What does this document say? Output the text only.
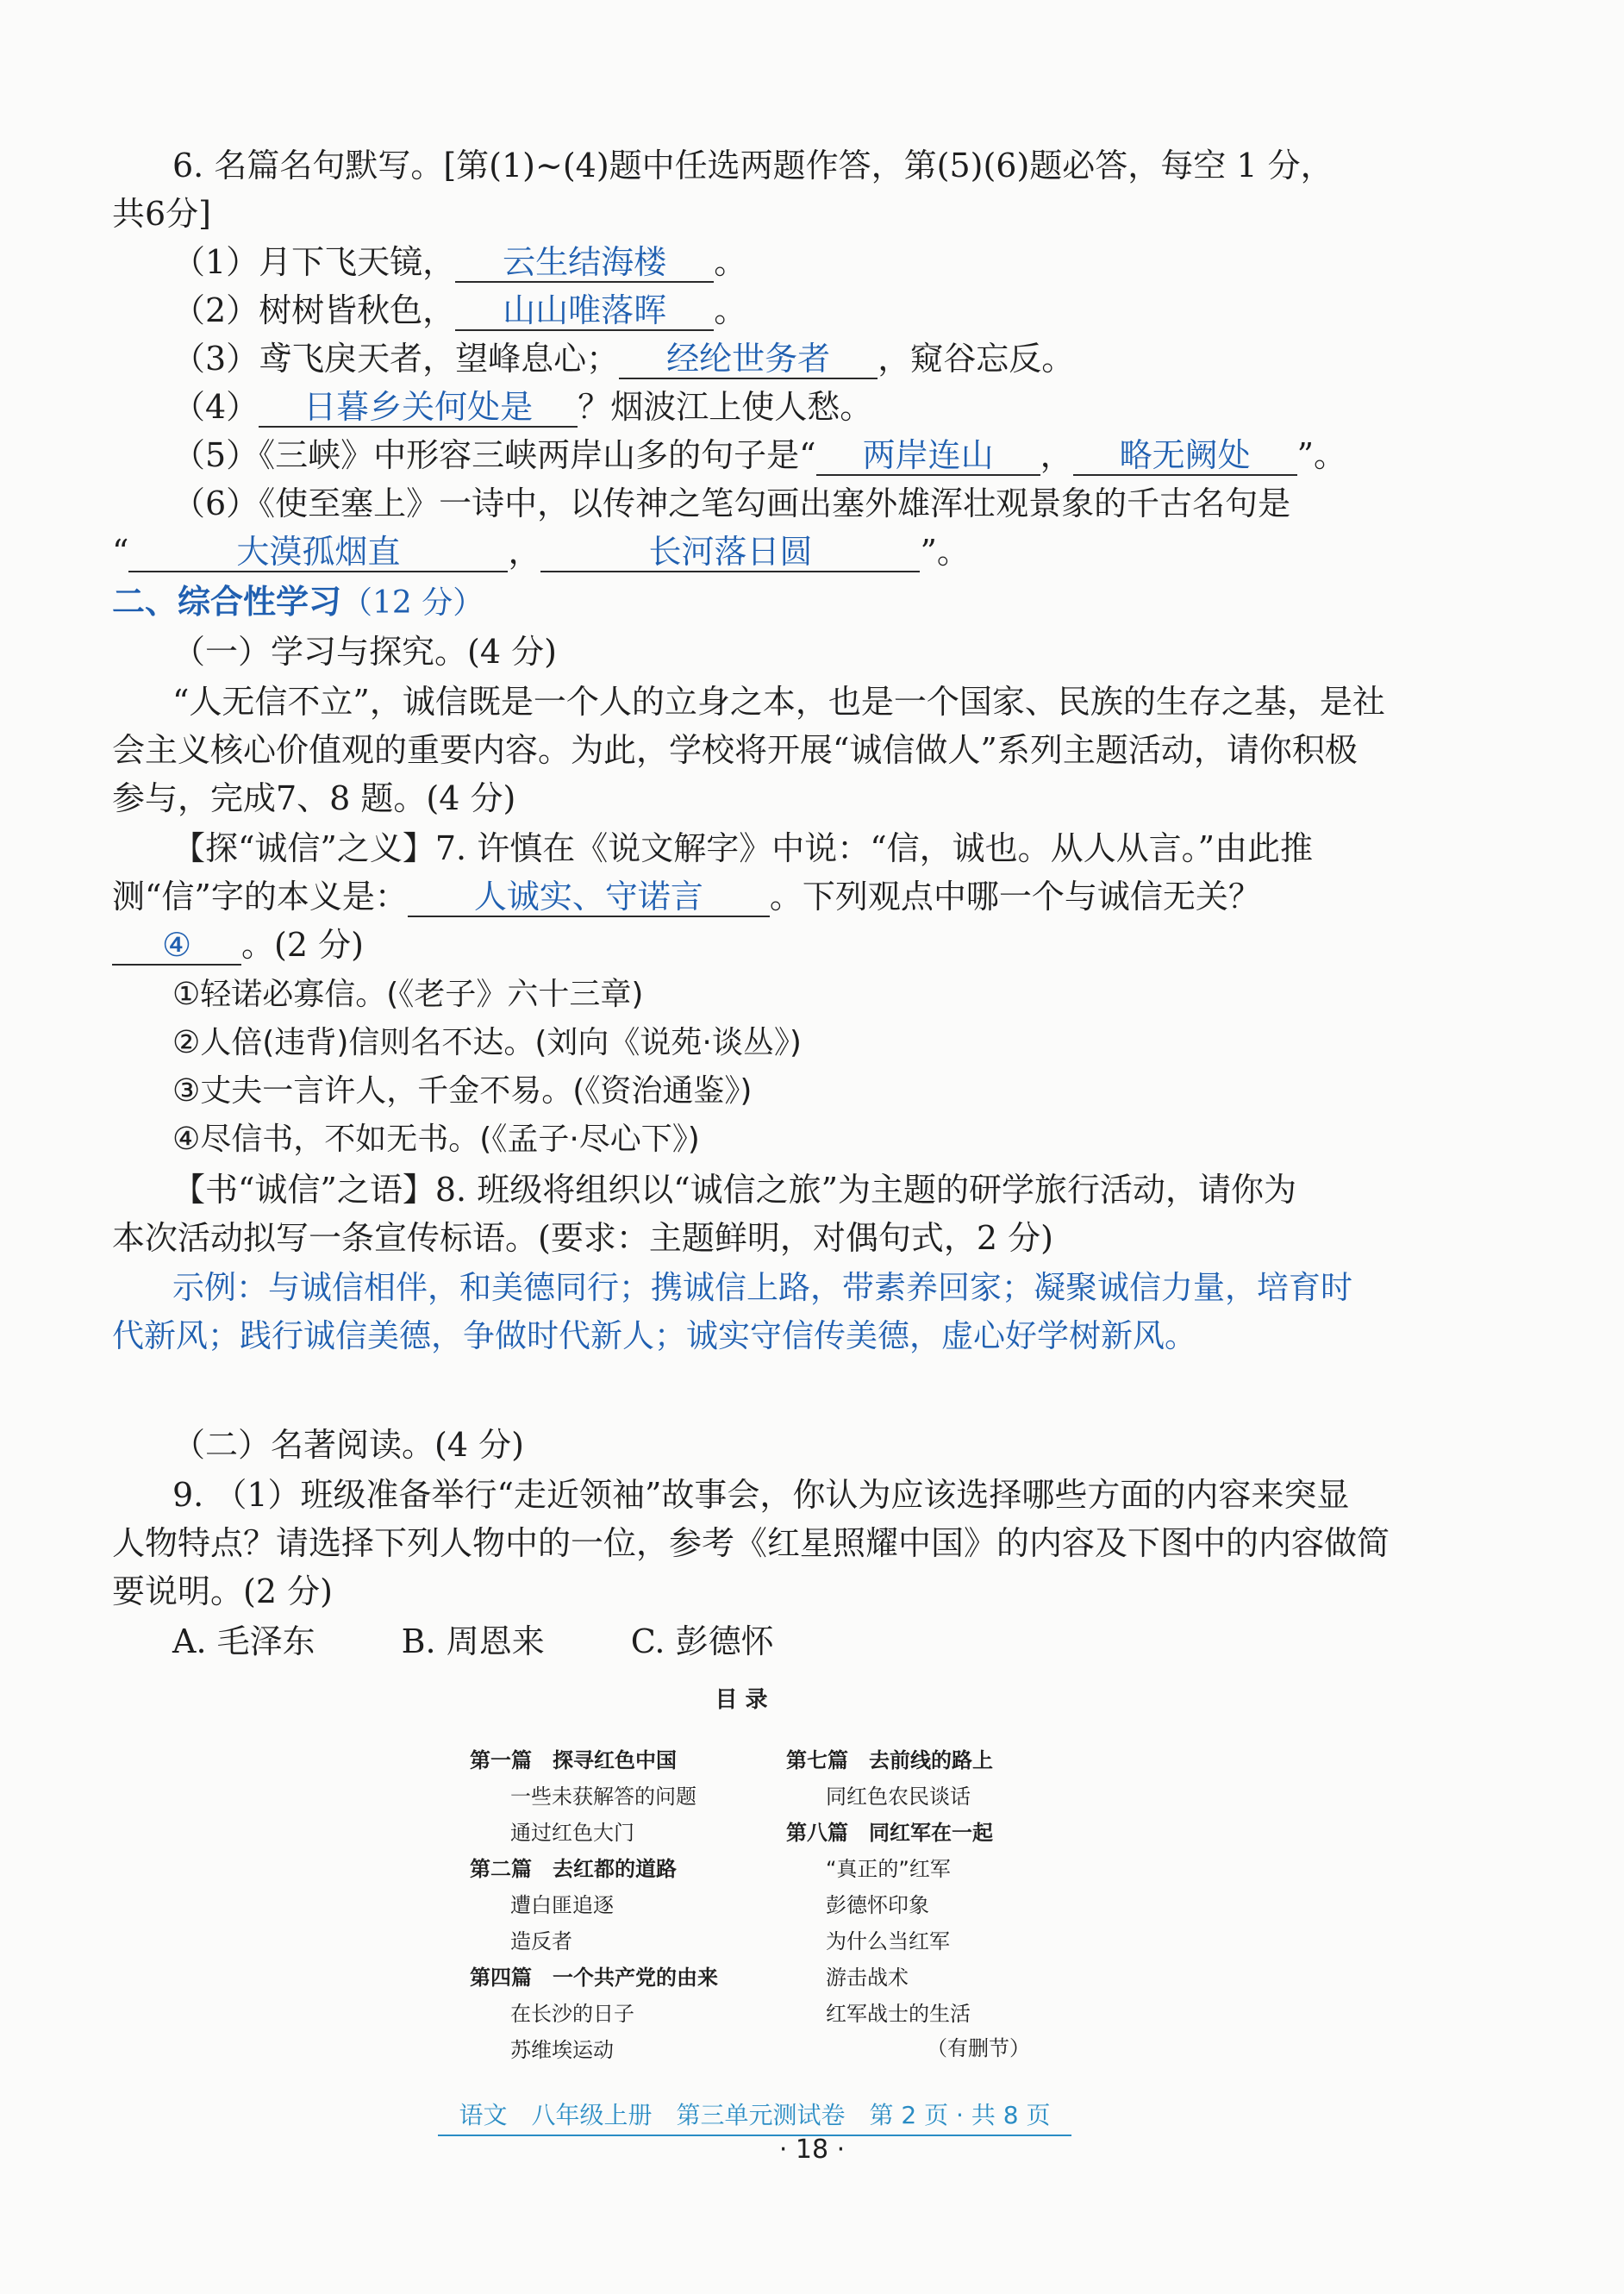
6. 名篇名句默写。[第(1)~(4)题中任选两题作答，第(5)(6)题必答，每空 1 分，
共6分]
（1）月下飞天镜， 云生结海楼 。
（2）树树皆秋色， 山山唯落晖 。
（3）鸢飞戾天者，望峰息心； 经纶世务者 ，窥谷忘反。
（4） 日暮乡关何处是 ？烟波江上使人愁。
（5）《三峡》中形容三峡两岸山多的句子是“ 两岸连山 ， 略无阙处 ”。
（6）《使至塞上》一诗中，以传神之笔勾画出塞外雄浑壮观景象的千古名句是
“	大漠孤烟直	，	长河落日圆	”。
二、综合性学习（12 分）
（一）学习与探究。(4 分)
“人无信不立”，诚信既是一个人的立身之本，也是一个国家、民族的生存之基，是社
会主义核心价值观的重要内容。为此，学校将开展“诚信做人”系列主题活动，请你积极
参与，完成7、8 题。(4 分)
【探“诚信”之义】7. 许慎在《说文解字》中说：“信，诚也。从人从言。”由此推
测“信”字的本义是： 人诚实、守诺言 。下列观点中哪一个与诚信无关？
④ 。(2 分)
①轻诺必寡信。(《老子》六十三章)
②人倍(违背)信则名不达。(刘向《说苑·谈丛》)
③丈夫一言许人，千金不易。(《资治通鉴》)
④尽信书，不如无书。(《孟子·尽心下》)
【书“诚信”之语】8. 班级将组织以“诚信之旅”为主题的研学旅行活动，请你为
本次活动拟写一条宣传标语。(要求：主题鲜明，对偶句式，2 分)
示例：与诚信相伴，和美德同行；携诚信上路，带素养回家；凝聚诚信力量，培育时
代新风；践行诚信美德，争做时代新人；诚实守信传美德，虚心好学树新风。
（二）名著阅读。(4 分)
9. （1）班级准备举行“走近领袖”故事会，你认为应该选择哪些方面的内容来突显
人物特点？请选择下列人物中的一位，参考《红星照耀中国》的内容及下图中的内容做简
要说明。(2 分)
A. 毛泽东	B. 周恩来	C. 彭德怀
目 录
第一篇　探寻红色中国
一些未获解答的问题
通过红色大门
第二篇　去红都的道路
遭白匪追逐
造反者
第四篇　一个共产党的由来
在长沙的日子
苏维埃运动
第七篇　去前线的路上
同红色农民谈话
第八篇　同红军在一起
“真正的”红军
彭德怀印象
为什么当红军
游击战术
红军战士的生活
（有删节）
语文　八年级上册　第三单元测试卷　第 2 页 · 共 8 页
· 18 ·
